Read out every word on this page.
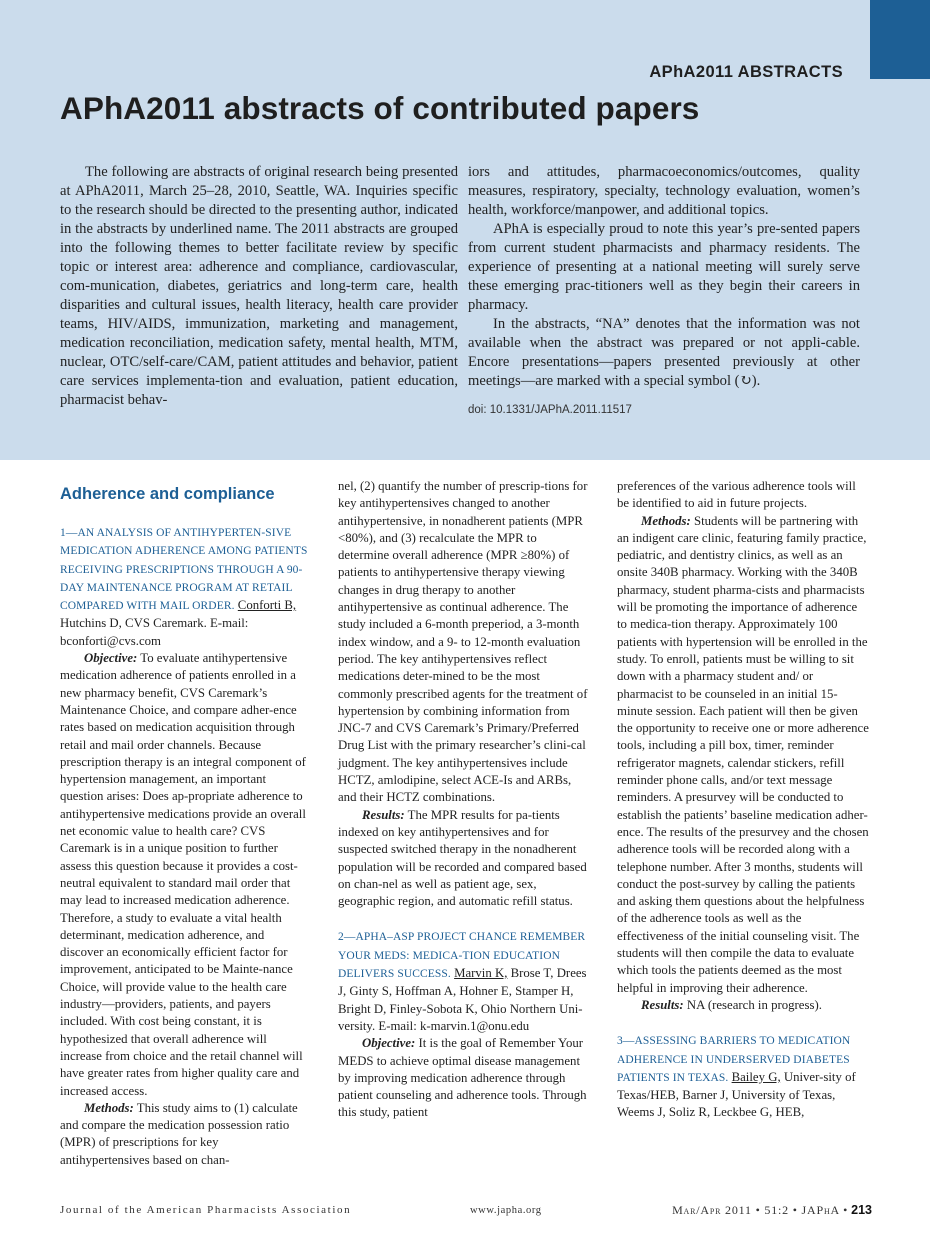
APhA2011 ABSTRACTS
APhA2011 abstracts of contributed papers

The following are abstracts of original research being presented at APhA2011, March 25–28, 2010, Seattle, WA. Inquiries specific to the research should be directed to the presenting author, indicated in the abstracts by underlined name. The 2011 abstracts are grouped into the following themes to better facilitate review by specific topic or interest area: adherence and compliance, cardiovascular, com-munication, diabetes, geriatrics and long-term care, health disparities and cultural issues, health literacy, health care provider teams, HIV/AIDS, immunization, marketing and management, medication reconciliation, medication safety, mental health, MTM, nuclear, OTC/self-care/CAM, patient attitudes and behavior, patient care services implementa-tion and evaluation, patient education, pharmacist behav-

iors and attitudes, pharmacoeconomics/outcomes, quality measures, respiratory, specialty, technology evaluation, women’s health, workforce/manpower, and additional topics.

APhA is especially proud to note this year’s pre-sented papers from current student pharmacists and pharmacy residents. The experience of presenting at a national meeting will surely serve these emerging prac-titioners well as they begin their careers in pharmacy.

In the abstracts, “NA” denotes that the information was not available when the abstract was prepared or not appli-cable. Encore presentations—papers presented previously at other meetings—are marked with a special symbol (↻).

doi: 10.1331/JAPhA.2011.11517
Adherence and compliance

1—AN ANALYSIS OF ANTIHYPERTEN-SIVE MEDICATION ADHERENCE AMONG PATIENTS RECEIVING PRESCRIPTIONS THROUGH A 90-DAY MAINTENANCE PROGRAM AT RETAIL COMPARED WITH MAIL ORDER. Conforti B, Hutchins D, CVS Caremark. E-mail: bconforti@cvs.com

Objective: To evaluate antihypertensive medication adherence of patients enrolled in a new pharmacy benefit, CVS Caremark’s Maintenance Choice, and compare adher-ence rates based on medication acquisition through retail and mail order channels. Because prescription therapy is an integral component of hypertension management, an important question arises: Does ap-propriate adherence to antihypertensive medications provide an overall net economic value to health care? CVS Caremark is in a unique position to further assess this question because it provides a cost-neutral equivalent to standard mail order that may lead to increased medication adherence. Therefore, a study to evaluate a vital health determinant, medication adherence, and discover an economically efficient factor for improvement, anticipated to be Mainte-nance Choice, will provide value to the health care industry—providers, patients, and payers included. With cost being constant, it is hypothesized that overall adherence will increase from choice and the retail channel will have greater rates from higher quality care and increased access.

Methods: This study aims to (1) calculate and compare the medication possession ratio (MPR) of prescriptions for key antihypertensives based on chan-

nel, (2) quantify the number of prescrip-tions for key antihypertensives changed to another antihypertensive, in nonadherent patients (MPR <80%), and (3) recalculate the MPR to determine overall adherence (MPR ≥80%) of patients to antihypertensive therapy viewing changes in drug therapy to another antihypertensive as continual adherence. The study included a 6-month preperiod, a 3-month index window, and a 9- to 12-month evaluation period. The key antihypertensives reflect medications deter-mined to be the most commonly prescribed agents for the treatment of hypertension by combining information from JNC-7 and CVS Caremark’s Primary/Preferred Drug List with the primary researcher’s clini-cal judgment. The key antihypertensives include HCTZ, amlodipine, select ACE-Is and ARBs, and their HCTZ combinations.

Results: The MPR results for pa-tients indexed on key antihypertensives and for suspected switched therapy in the nonadherent population will be recorded and compared based on chan-nel as well as patient age, sex, geographic region, and automatic refill status.

2—APHA–ASP PROJECT CHANCE REMEMBER YOUR MEDS: MEDICA-TION EDUCATION DELIVERS SUCCESS. Marvin K, Brose T, Drees J, Ginty S, Hoffman A, Hohner E, Stamper H, Bright D, Finley-Sobota K, Ohio Northern Uni-versity. E-mail: k-marvin.1@onu.edu

Objective: It is the goal of Remember Your MEDS to achieve optimal disease management by improving medication adherence through patient counseling and adherence tools. Through this study, patient

preferences of the various adherence tools will be identified to aid in future projects.

Methods: Students will be partnering with an indigent care clinic, featuring family practice, pediatric, and dentistry clinics, as well as an onsite 340B pharmacy. Working with the 340B pharmacy, student pharma-cists and pharmacists will be promoting the importance of adherence to medica-tion therapy. Approximately 100 patients with hypertension will be enrolled in the study. To enroll, patients must be willing to sit down with a pharmacy student and/ or pharmacist to be counseled in an initial 15-minute session. Each patient will then be given the opportunity to receive one or more adherence tools, including a pill box, timer, reminder refrigerator magnets, calendar stickers, refill reminder phone calls, and/or text message reminders. A presurvey will be conducted to establish the patients’ baseline medication adher-ence. The results of the presurvey and the chosen adherence tools will be recorded along with a telephone number. After 3 months, students will conduct the post-survey by calling the patients and asking them questions about the helpfulness of the adherence tools as well as the effectiveness of the initial counseling visit. The students will then compile the data to evaluate which tools the patients deemed as the most helpful in improving their adherence.

Results: NA (research in progress).

3—ASSESSING BARRIERS TO MEDICATION ADHERENCE IN UNDERSERVED DIABETES PATIENTS IN TEXAS. Bailey G, Univer-sity of Texas/HEB, Barner J, University of Texas, Weems J, Soliz R, Leckbee G, HEB,

Journal of the American Pharmacists Association	www.japha.org	Mar/Apr 2011 • 51:2 • JAPhA • 213
